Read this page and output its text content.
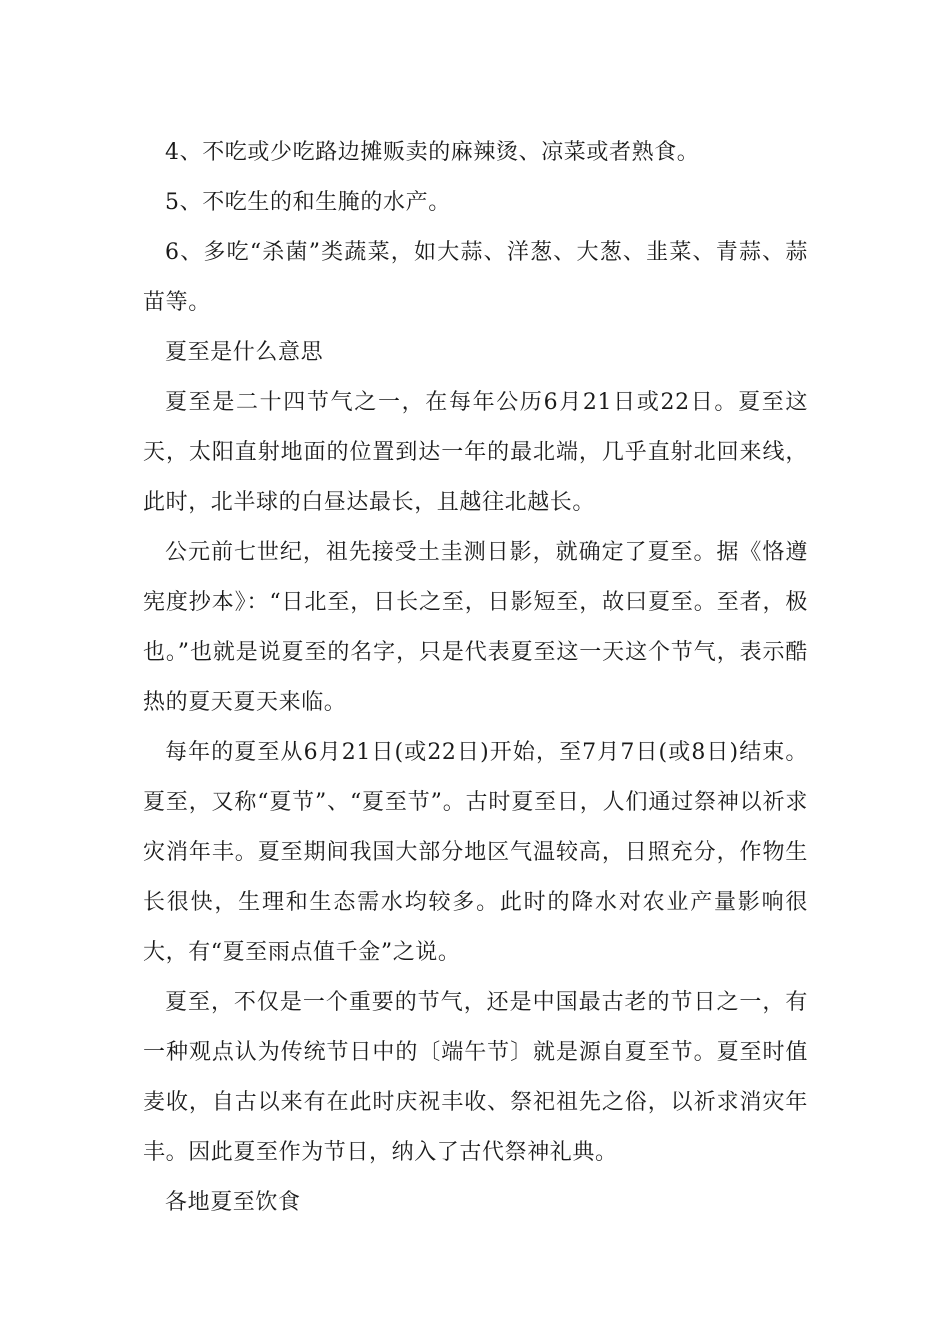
4、不吃或少吃路边摊贩卖的麻辣烫、凉菜或者熟食。

5、不吃生的和生腌的水产。

6、多吃“杀菌”类蔬菜，如大蒜、洋葱、大葱、韭菜、青蒜、蒜苗等。

夏至是什么意思

夏至是二十四节气之一，在每年公历6月21日或22日。夏至这天，太阳直射地面的位置到达一年的最北端，几乎直射北回来线，此时，北半球的白昼达最长，且越往北越长。

公元前七世纪，祖先接受土圭测日影，就确定了夏至。据《恪遵宪度抄本》：“日北至，日长之至，日影短至，故曰夏至。至者，极也。”也就是说夏至的名字，只是代表夏至这一天这个节气，表示酷热的夏天夏天来临。

每年的夏至从6月21日(或22日)开始，至7月7日(或8日)结束。夏至，又称“夏节”、“夏至节”。古时夏至日，人们通过祭神以祈求灾消年丰。夏至期间我国大部分地区气温较高，日照充分，作物生长很快，生理和生态需水均较多。此时的降水对农业产量影响很大，有“夏至雨点值千金”之说。

夏至，不仅是一个重要的节气，还是中国最古老的节日之一，有一种观点认为传统节日中的〔端午节〕就是源自夏至节。夏至时值麦收，自古以来有在此时庆祝丰收、祭祀祖先之俗，以祈求消灾年丰。因此夏至作为节日，纳入了古代祭神礼典。

各地夏至饮食
